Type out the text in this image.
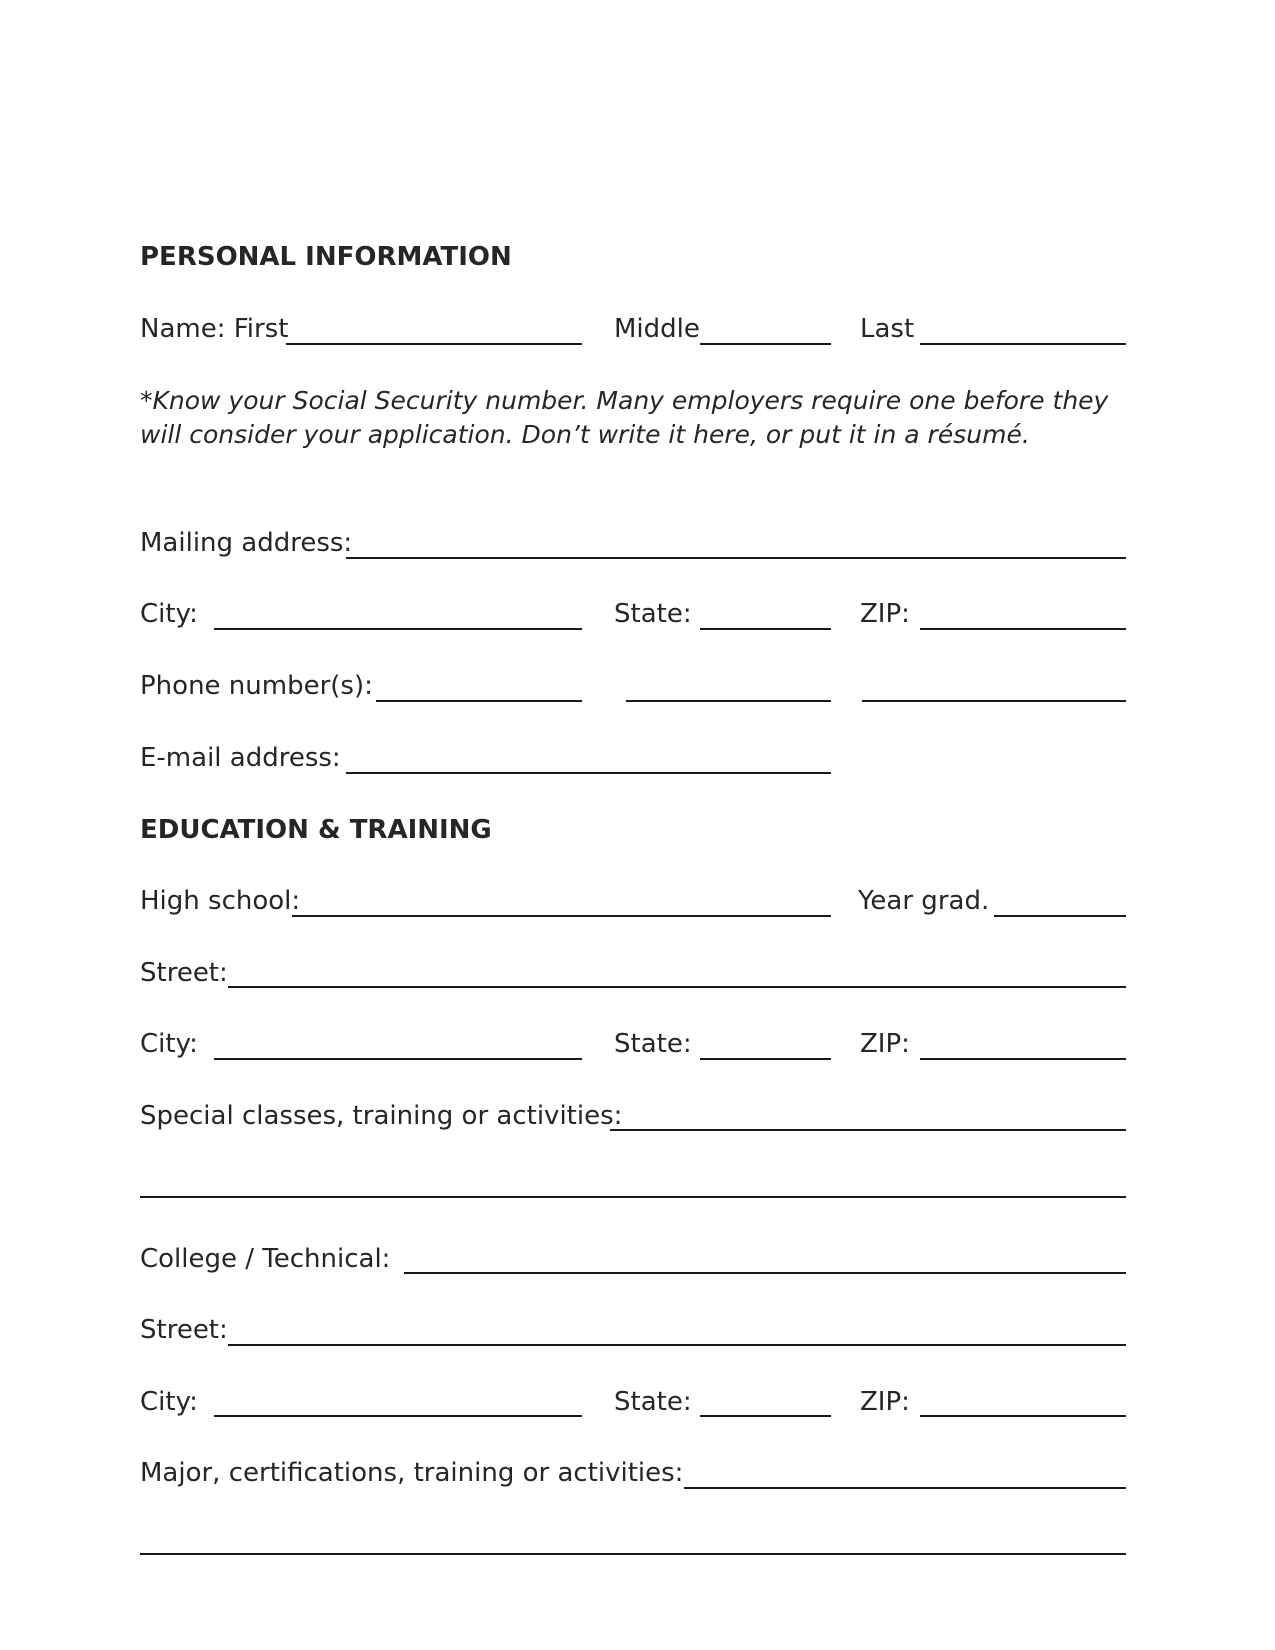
PERSONAL INFORMATION
Name: First	Middle	Last
*Know your Social Security number. Many employers require one before they
will consider your application. Don’t write it here, or put it in a résumé.
Mailing address:
City:	State:	ZIP:
Phone number(s):
E-mail address:
EDUCATION & TRAINING
High school:	Year grad.
Street:
City:	State:	ZIP:
Special classes, training or activities:
College / Technical:
Street:
City:	State:	ZIP:
Major, certifications, training or activities:
